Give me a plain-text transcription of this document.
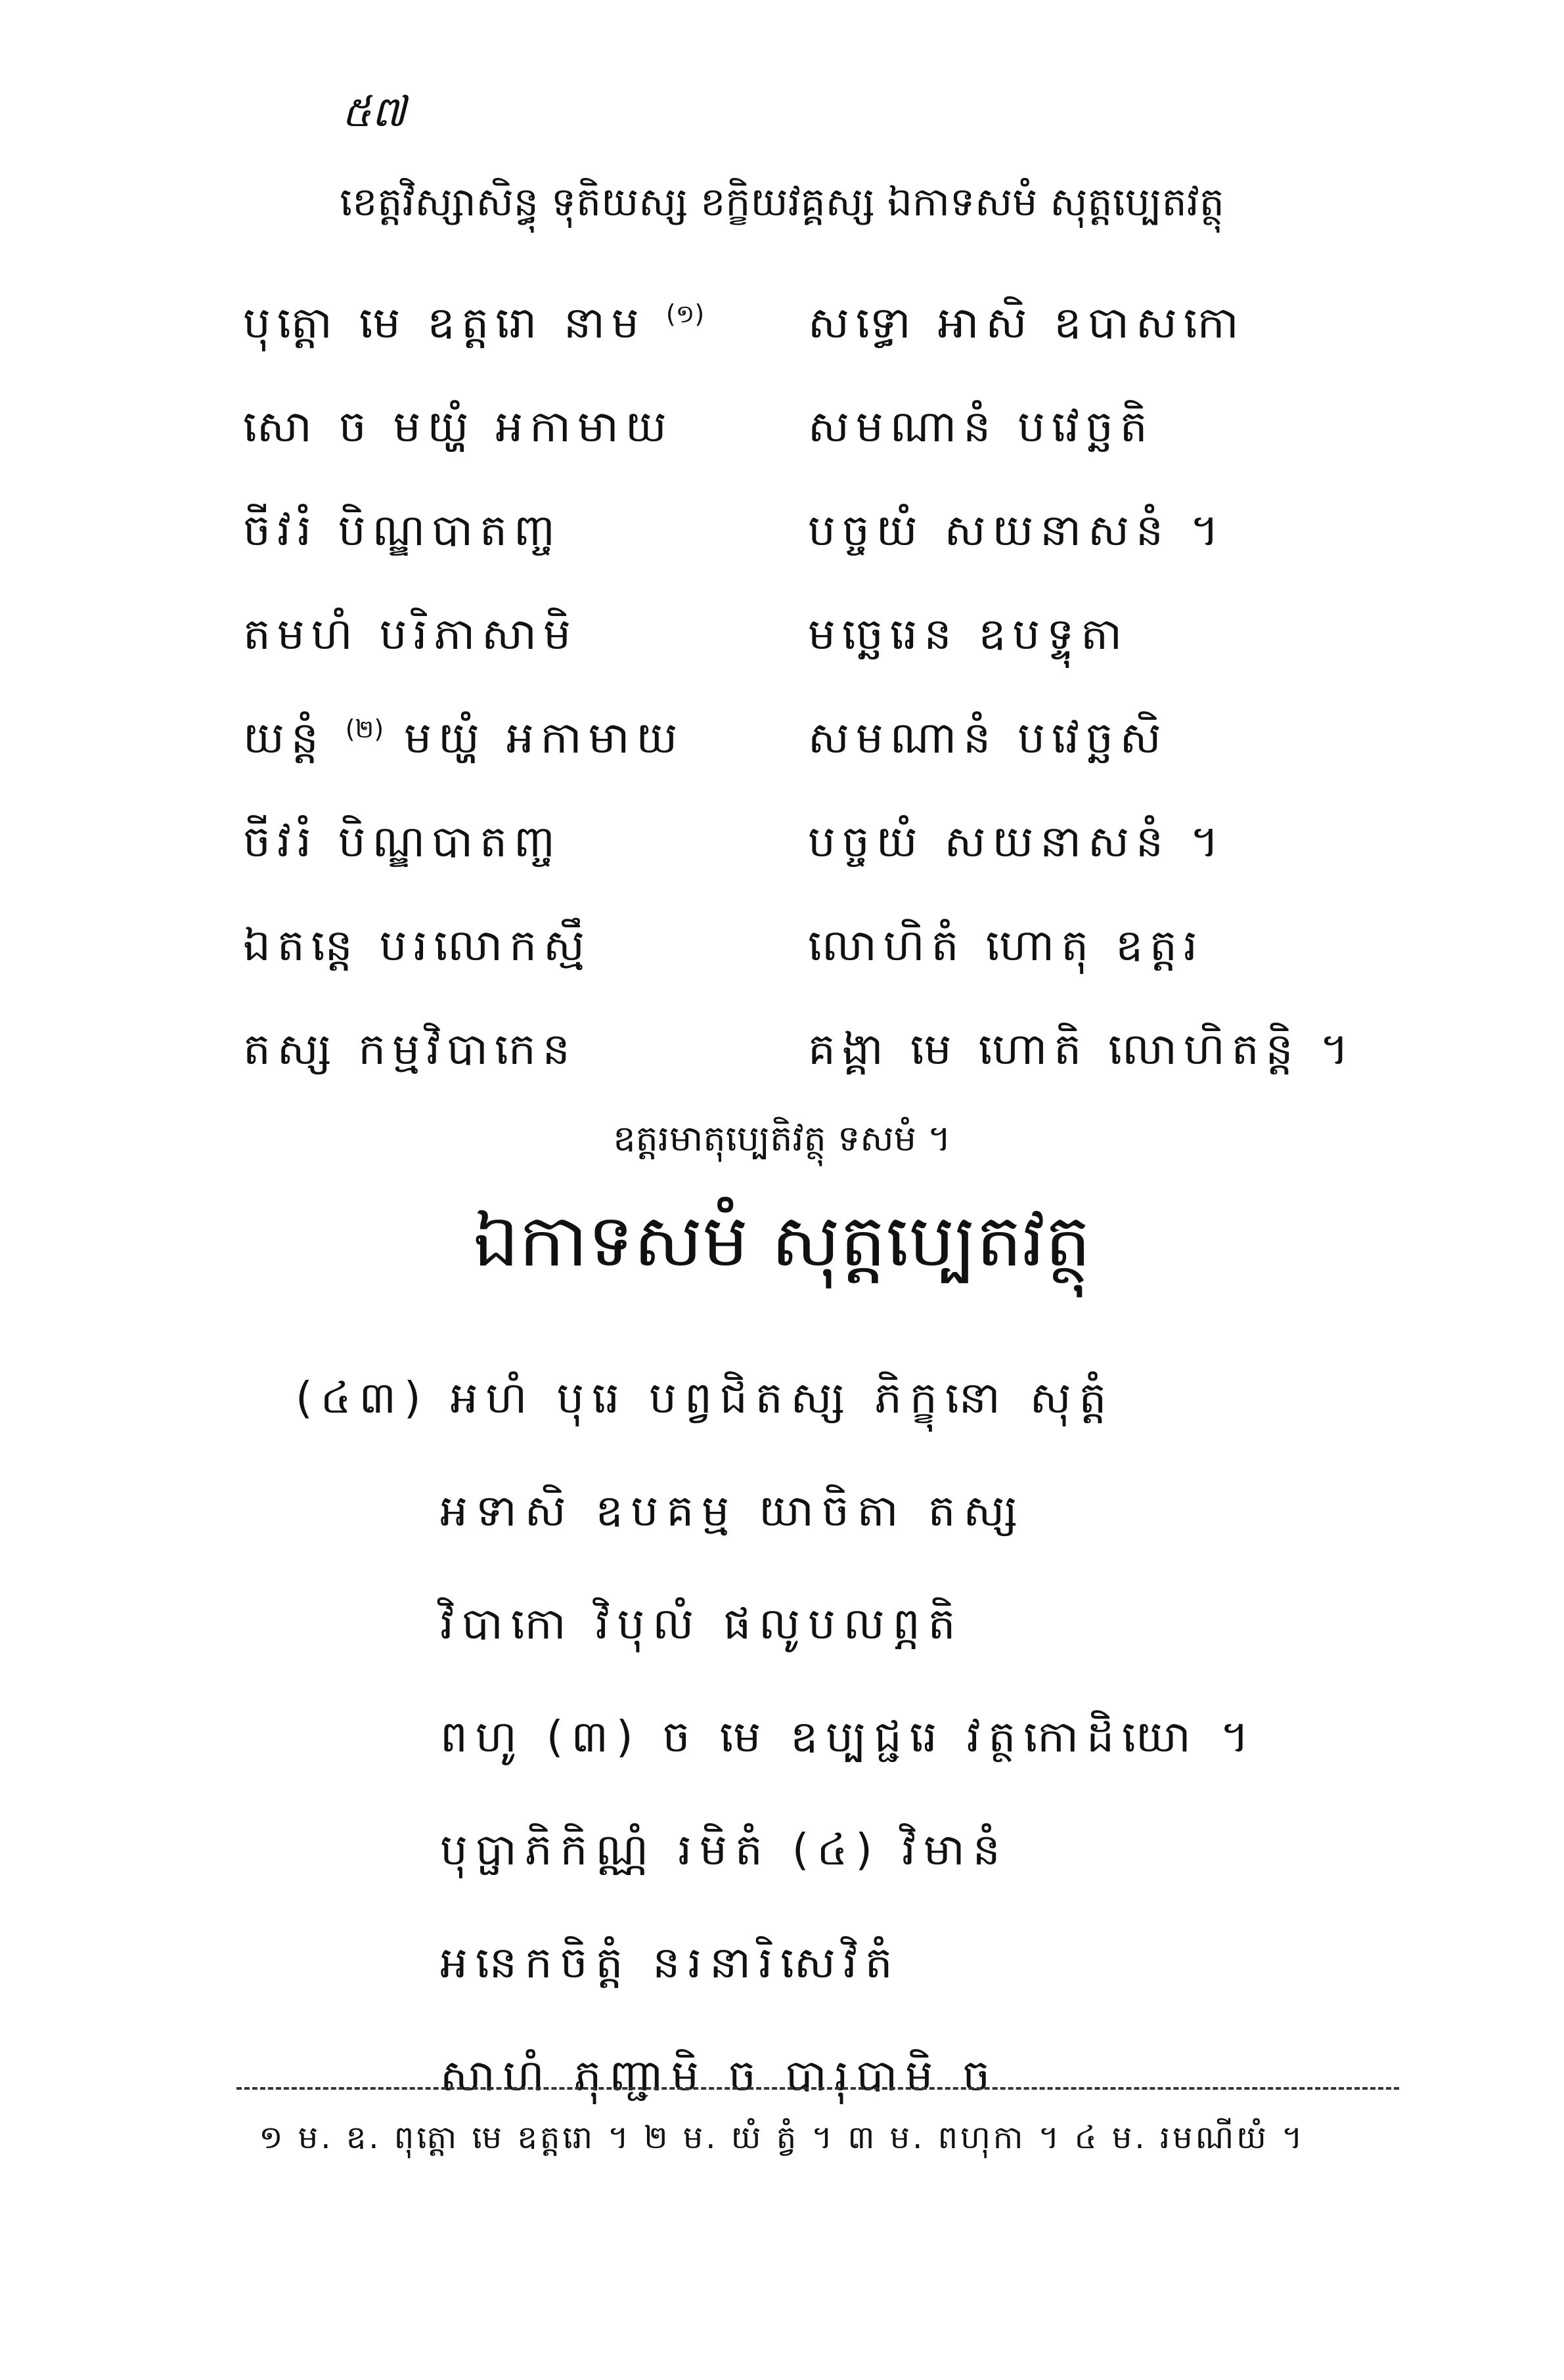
៥៧
ខេត្តវិស្សាសិន្ធុ ទុតិយស្ស ខក្ខិយវគ្គស្ស ឯកាទសមំ សុត្តប្បេតវត្ថុ
បុត្តោ មេ ឧត្តរោ នាម $^{(១)}$	សទ្ធោ អាសិ ឧបាសកោ
សោ ច មយ្ហំ អកាមាយ	សមណានំ បវេច្ឆតិ
ចីវរំ បិណ្ឌបាតញ្ច	បច្ចយំ សយនាសនំ ។
តមហំ បរិភាសាមិ	មច្ឆេរេន ឧបទ្ទុតា
យន្តំ $^{(២)}$ មយ្ហំ អកាមាយ	សមណានំ បវេច្ឆសិ
ចីវរំ បិណ្ឌបាតញ្ច	បច្ចយំ សយនាសនំ ។
ឯតន្តេ បរលោកស្មឹ	លោហិតំ ហោតុ ឧត្តរ
តស្ស កម្មវិបាកេន	គង្គា មេ ហោតិ លោហិតន្តិ ។
ឧត្តរមាតុប្បេតិវត្ថុ ទសមំ ។
ឯកាទសមំ សុត្តប្បេតវត្ថុ
(៤៣) អហំ បុរេ បព្វជិតស្ស ភិក្ខុនោ សុត្តំ
អទាសិ ឧបគម្ម យាចិតា តស្ស
វិបាកោ វិបុលំ ផលូបលព្ភតិ
ពហូ (៣) ច មេ ឧប្បជ្ជរេ វត្ថកោដិយោ ។
បុប្ផាភិកិណ្ណំ រមិតំ (៤) វិមានំ
អនេកចិត្តំ នរនារិសេវិតំ
សាហំ ភុញ្ជាមិ ច បារុបាមិ ច
១ ម. ឧ. ពុត្តោ មេ ឧត្តរោ ។ ២ ម. យំ ត្វំ ។ ៣ ម. ពហុកា ។ ៤ ម. រមណីយំ ។
